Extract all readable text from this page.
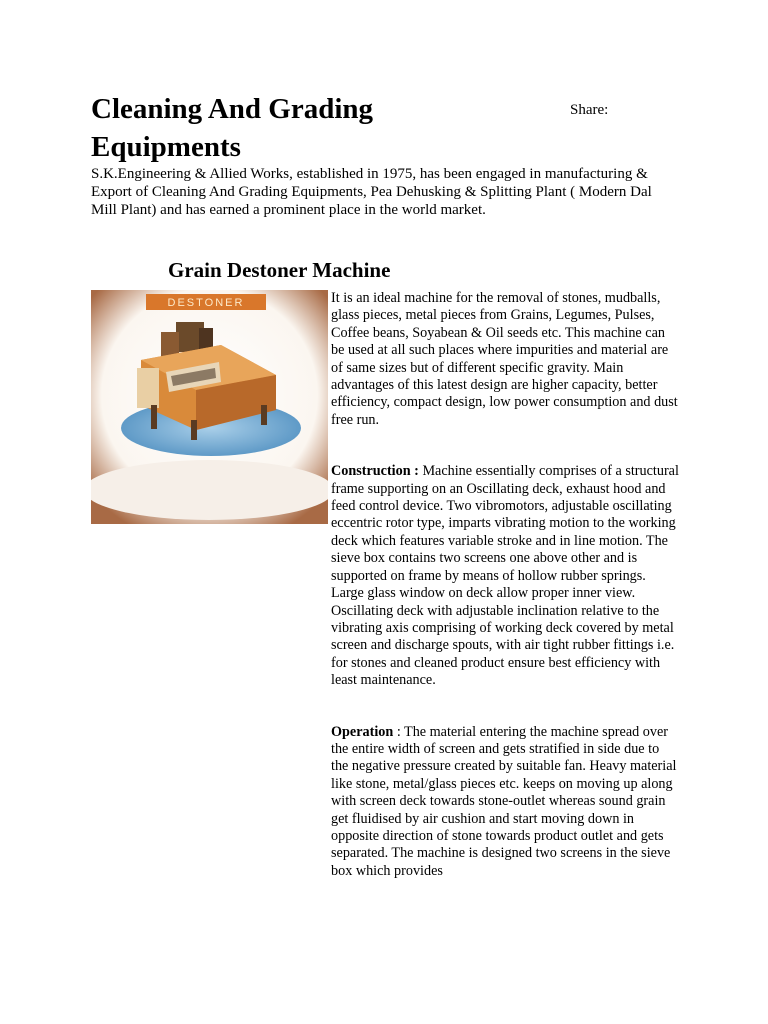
Cleaning And Grading Equipments
Share:

S.K.Engineering & Allied Works, established in 1975, has been engaged in manufacturing & Export of Cleaning And Grading Equipments, Pea Dehusking & Splitting Plant ( Modern Dal Mill Plant) and has earned a prominent place in the world market.

Grain Destoner Machine
DESTONER	It is an ideal machine for the removal of stones, mudballs, glass pieces, metal pieces from Grains, Legumes, Pulses, Coffee beans, Soyabean & Oil seeds etc. This machine can be used at all such places where impurities and material are of same sizes but of different specific gravity. Main advantages of this latest design are higher capacity, better efficiency, compact design, low power consumption and dust free run.

Construction : Machine essentially comprises of a structural frame supporting on an Oscillating deck, exhaust hood and feed control device. Two vibromotors, adjustable oscillating eccentric rotor type, imparts vibrating motion to the working deck which features variable stroke and in line motion. The sieve box contains two screens one above other and is supported on frame by means of hollow rubber springs. Large glass window on deck allow proper inner view. Oscillating deck with adjustable inclination relative to the vibrating axis comprising of working deck covered by metal screen and discharge spouts, with air tight rubber fittings i.e. for stones and cleaned product ensure best efficiency with least maintenance.

Operation : The material entering the machine spread over the entire width of screen and gets stratified in side due to the negative pressure created by suitable fan. Heavy material like stone, metal/glass pieces etc. keeps on moving up along with screen deck towards stone-outlet whereas sound grain get fluidised by air cushion and start moving down in opposite direction of stone towards product outlet and gets separated. The machine is designed two screens in the sieve box which provides
